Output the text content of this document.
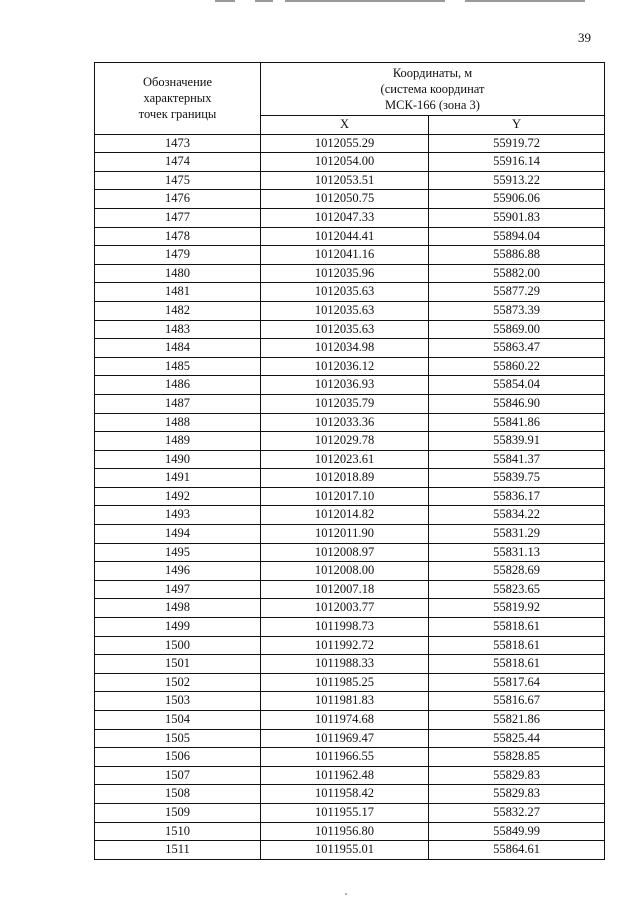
39
Обозначение
характерных
точек границы	Координаты, м
(система координат
МСК-166 (зона 3)	

	X	Y
1473	1012055.29	55919.72
1474	1012054.00	55916.14
1475	1012053.51	55913.22
1476	1012050.75	55906.06
1477	1012047.33	55901.83
1478	1012044.41	55894.04
1479	1012041.16	55886.88
1480	1012035.96	55882.00
1481	1012035.63	55877.29
1482	1012035.63	55873.39
1483	1012035.63	55869.00
1484	1012034.98	55863.47
1485	1012036.12	55860.22
1486	1012036.93	55854.04
1487	1012035.79	55846.90
1488	1012033.36	55841.86
1489	1012029.78	55839.91
1490	1012023.61	55841.37
1491	1012018.89	55839.75
1492	1012017.10	55836.17
1493	1012014.82	55834.22
1494	1012011.90	55831.29
1495	1012008.97	55831.13
1496	1012008.00	55828.69
1497	1012007.18	55823.65
1498	1012003.77	55819.92
1499	1011998.73	55818.61
1500	1011992.72	55818.61
1501	1011988.33	55818.61
1502	1011985.25	55817.64
1503	1011981.83	55816.67
1504	1011974.68	55821.86
1505	1011969.47	55825.44
1506	1011966.55	55828.85
1507	1011962.48	55829.83
1508	1011958.42	55829.83
1509	1011955.17	55832.27
1510	1011956.80	55849.99
1511	1011955.01	55864.61
